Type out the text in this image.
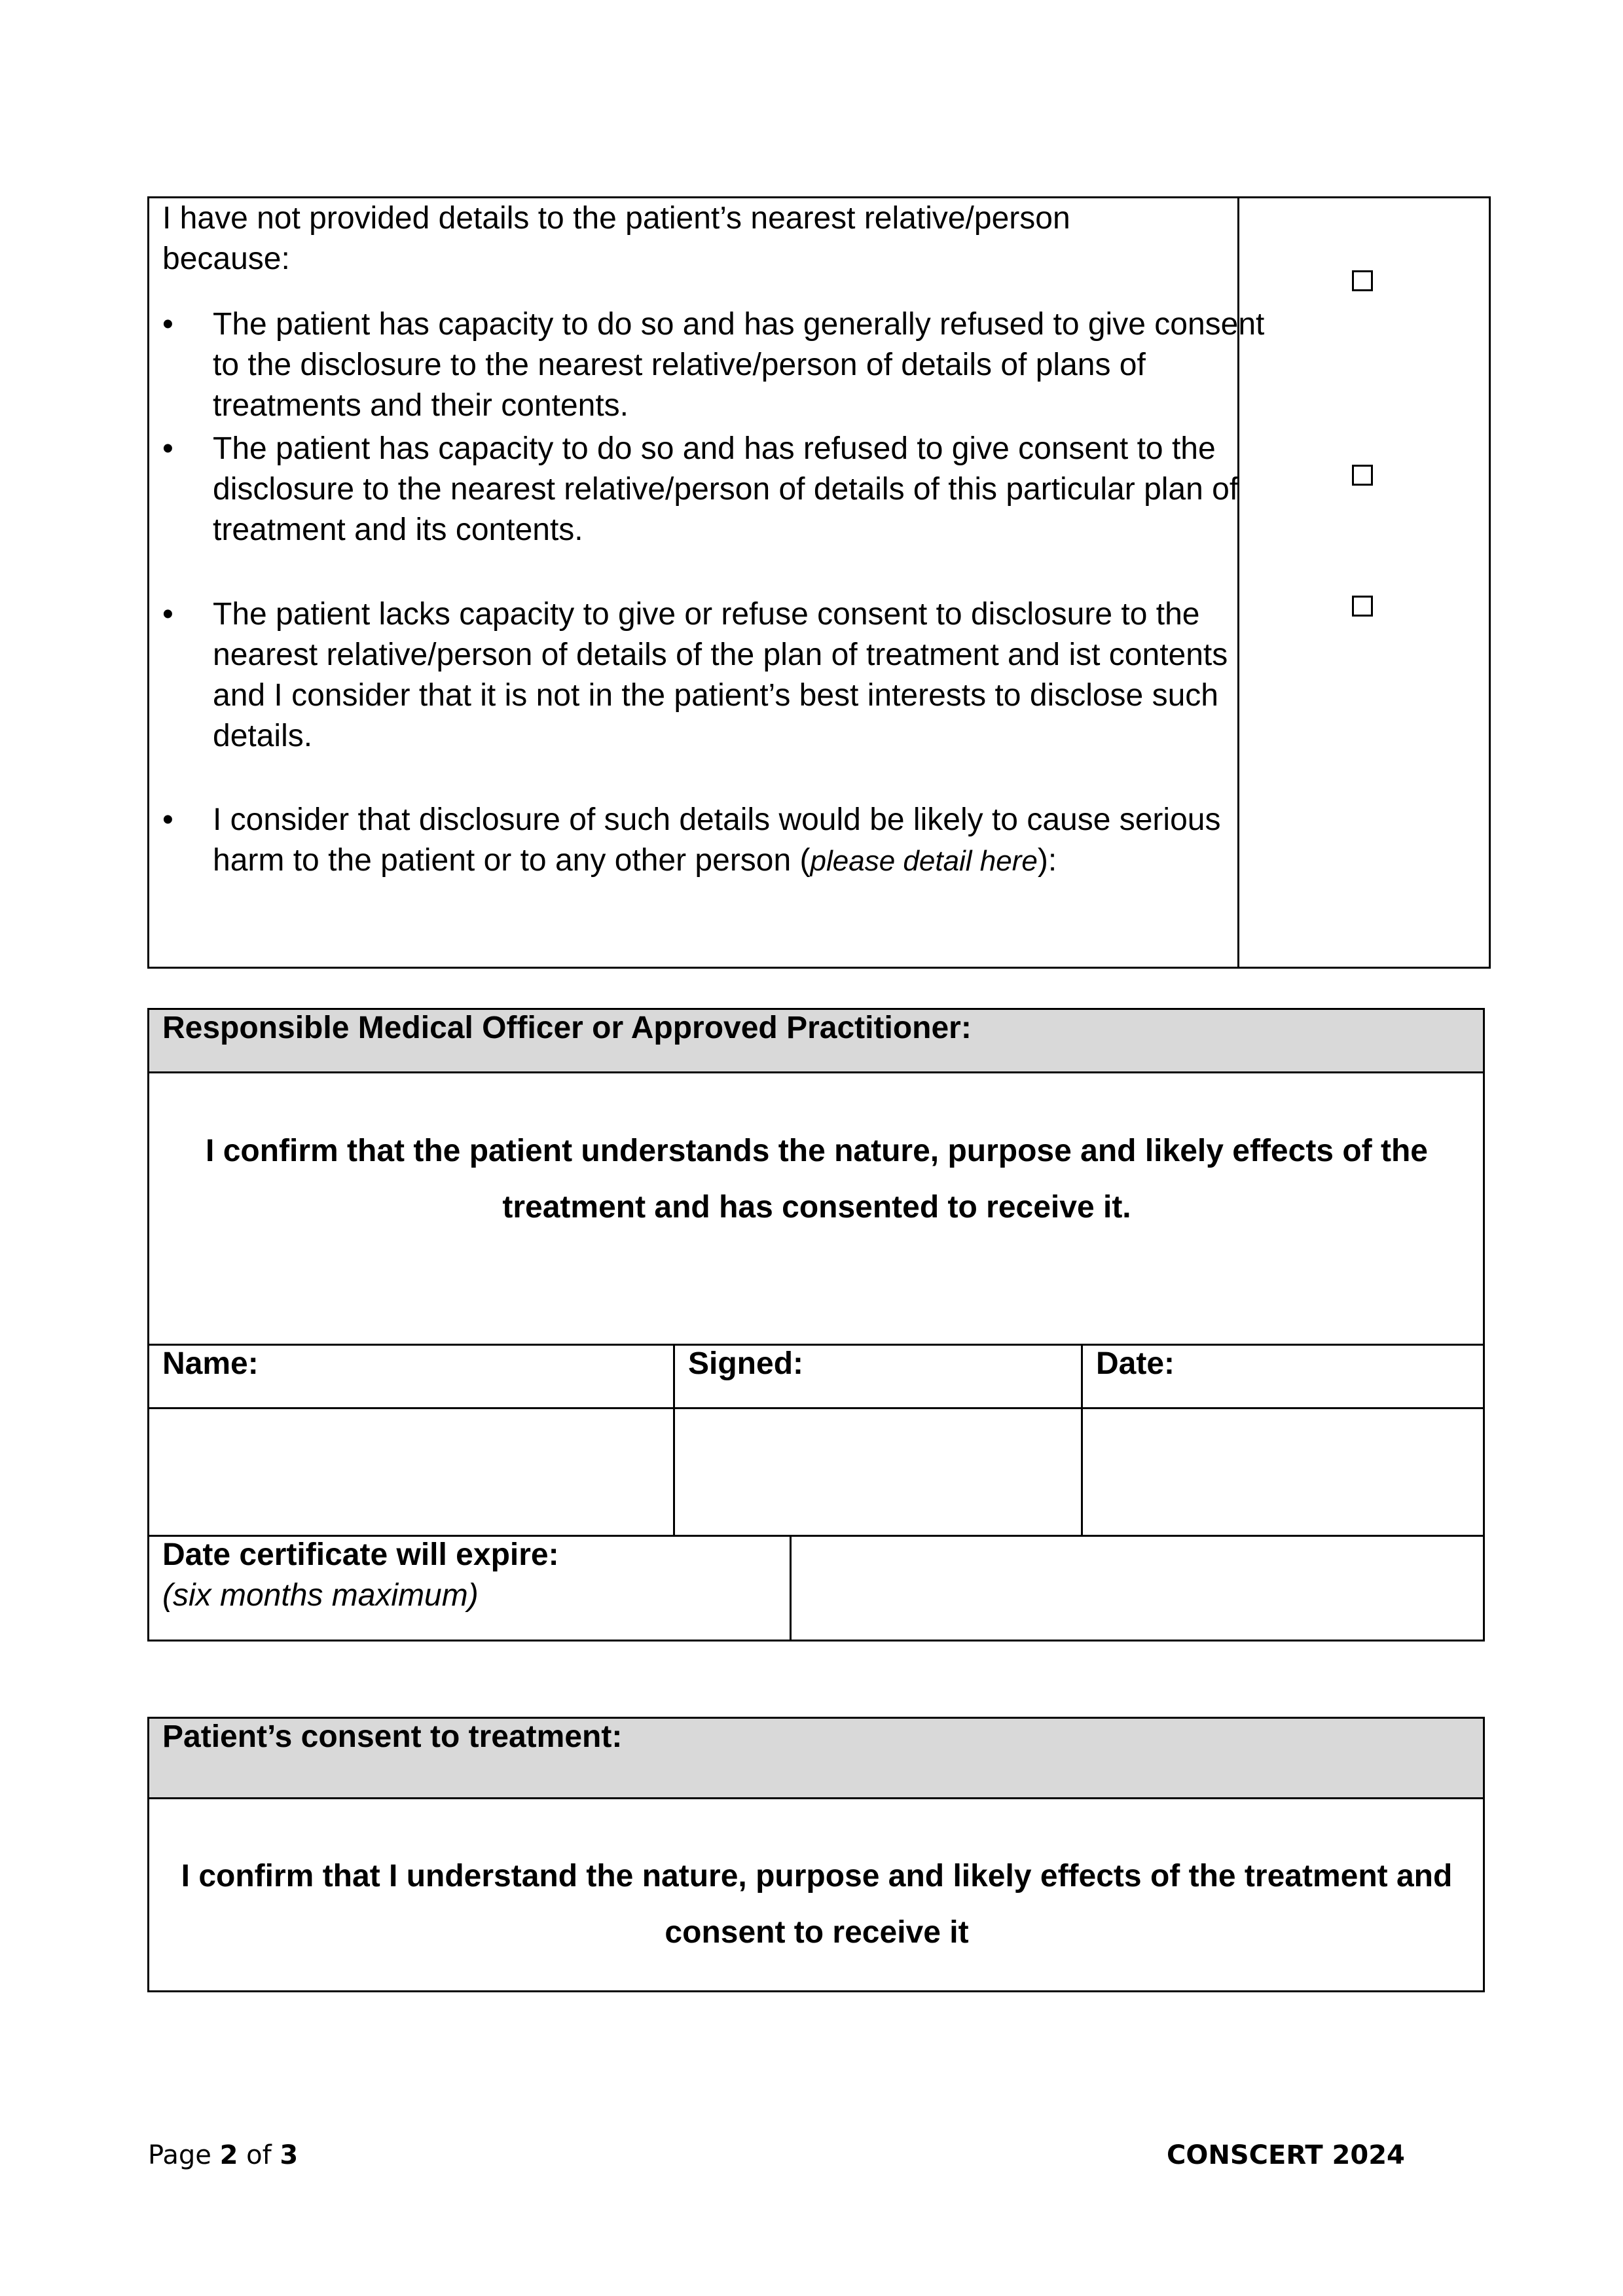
I have not provided details to the patient’s nearest relative/person because:
• The patient has capacity to do so and has generally refused to give consent to the disclosure to the nearest relative/person of details of plans of treatments and their contents.
• The patient has capacity to do so and has refused to give consent to the disclosure to the nearest relative/person of details of this particular plan of treatment and its contents.
• The patient lacks capacity to give or refuse consent to disclosure to the nearest relative/person of details of the plan of treatment and ist contents and I consider that it is not in the patient’s best interests to disclose such details.
• I consider that disclosure of such details would be likely to cause serious harm to the patient or to any other person (please detail here):
Responsible Medical Officer or Approved Practitioner:
I confirm that the patient understands the nature, purpose and likely effects of the treatment and has consented to receive it.
Name:	Signed:	Date:
Date certificate will expire:
(six months maximum)
Patient’s consent to treatment:
I confirm that I understand the nature, purpose and likely effects of the treatment and consent to receive it
Page 2 of 3	CONSCERT 2024
